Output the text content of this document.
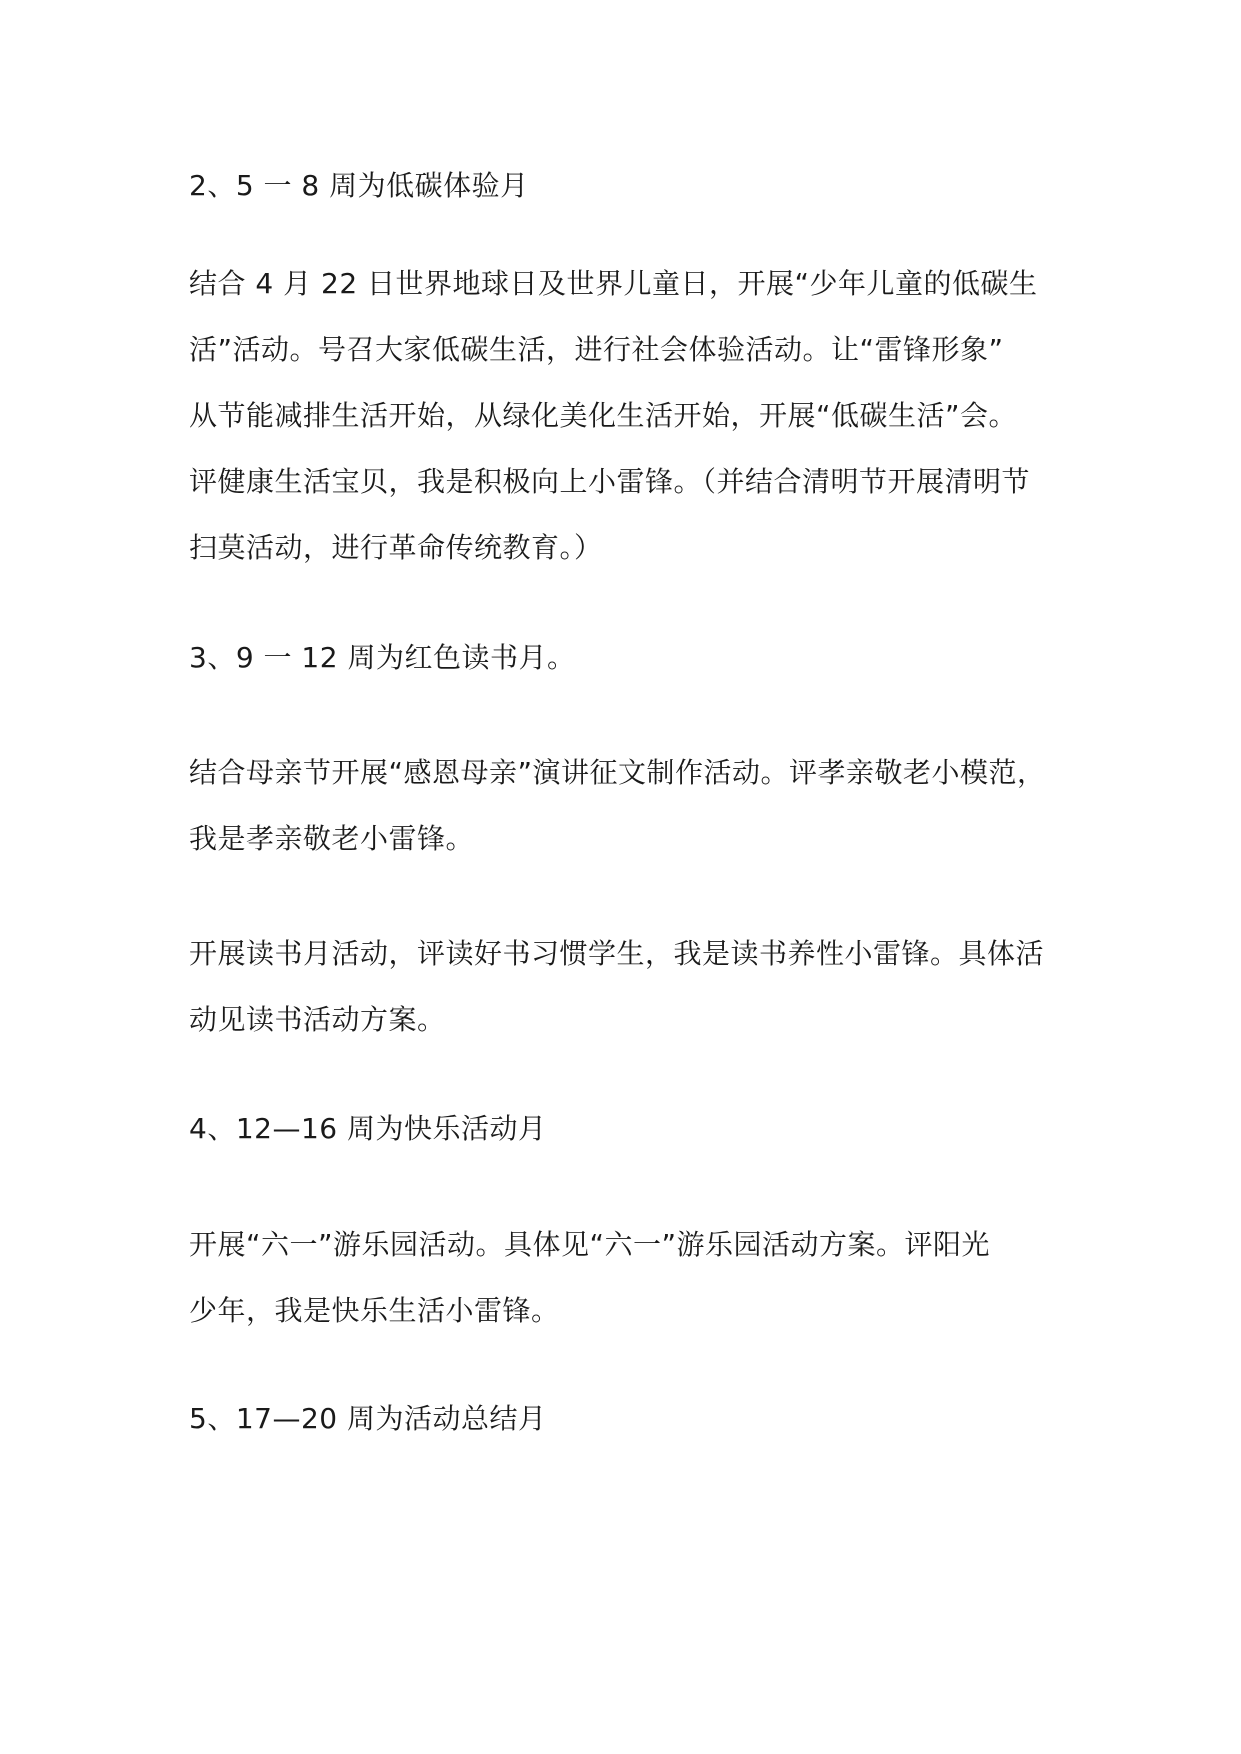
2、5 一 8 周为低碳体验月
结合 4 月 22 日世界地球日及世界儿童日，开展“少年儿童的低碳生
活”活动。号召大家低碳生活，进行社会体验活动。让“雷锋形象”
从节能减排生活开始，从绿化美化生活开始，开展“低碳生活”会。
评健康生活宝贝，我是积极向上小雷锋。（并结合清明节开展清明节
扫莫活动，进行革命传统教育。）
3、9 一 12 周为红色读书月。
结合母亲节开展“感恩母亲”演讲征文制作活动。评孝亲敬老小模范，
我是孝亲敬老小雷锋。
开展读书月活动，评读好书习惯学生，我是读书养性小雷锋。具体活
动见读书活动方案。
4、12—16 周为快乐活动月
开展“六一”游乐园活动。具体见“六一”游乐园活动方案。评阳光
少年，我是快乐生活小雷锋。
5、17—20 周为活动总结月
